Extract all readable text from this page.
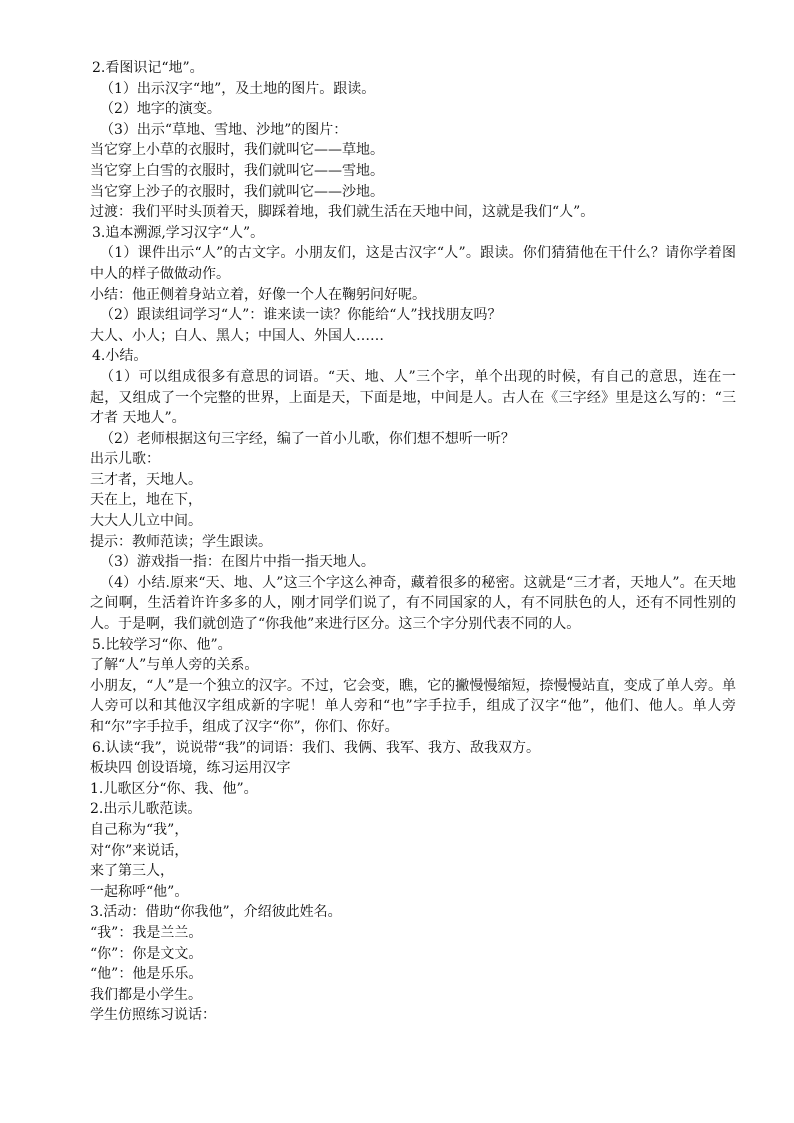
2.看图识记“地”。

（1）出示汉字“地”，及土地的图片。跟读。

（2）地字的演变。

（3）出示“草地、雪地、沙地”的图片：

当它穿上小草的衣服时，我们就叫它——草地。

当它穿上白雪的衣服时，我们就叫它——雪地。

当它穿上沙子的衣服时，我们就叫它——沙地。

过渡：我们平时头顶着天，脚踩着地，我们就生活在天地中间，这就是我们“人”。

3.追本溯源,学习汉字“人”。

（1）课件出示“人”的古文字。小朋友们，这是古汉字“人”。跟读。你们猜猜他在干什么？请你学着图中人的样子做做动作。

小结：他正侧着身站立着，好像一个人在鞠躬问好呢。

（2）跟读组词学习“人”：谁来读一读？你能给“人”找找朋友吗？

大人、小人；白人、黑人；中国人、外国人……

4.小结。

（1）可以组成很多有意思的词语。“天、地、人”三个字，单个出现的时候，有自己的意思，连在一起，又组成了一个完整的世界，上面是天，下面是地，中间是人。古人在《三字经》里是这么写的：“三才者 天地人”。

（2）老师根据这句三字经，编了一首小儿歌，你们想不想听一听？

出示儿歌：

三才者，天地人。

天在上，地在下，

大大人儿立中间。

提示：教师范读；学生跟读。

（3）游戏指一指：在图片中指一指天地人。

（4）小结.原来“天、地、人”这三个字这么神奇，藏着很多的秘密。这就是“三才者，天地人”。在天地之间啊，生活着许许多多的人，刚才同学们说了，有不同国家的人，有不同肤色的人，还有不同性别的人。于是啊，我们就创造了“你我他”来进行区分。这三个字分别代表不同的人。

5.比较学习“你、他”。

了解“人”与单人旁的关系。

小朋友，“人”是一个独立的汉字。不过，它会变，瞧，它的撇慢慢缩短，捺慢慢站直，变成了单人旁。单人旁可以和其他汉字组成新的字呢！单人旁和“也”字手拉手，组成了汉字“他”，他们、他人。单人旁和“尔”字手拉手，组成了汉字“你”，你们、你好。

6.认读“我”，说说带“我”的词语：我们、我俩、我军、我方、敌我双方。

板块四 创设语境，练习运用汉字

1.儿歌区分“你、我、他”。

2.出示儿歌范读。

自己称为“我”，

对“你”来说话，

来了第三人，

一起称呼“他”。

3.活动：借助“你我他”，介绍彼此姓名。

“我”：我是兰兰。

“你”：你是文文。

“他”：他是乐乐。

我们都是小学生。

学生仿照练习说话：
